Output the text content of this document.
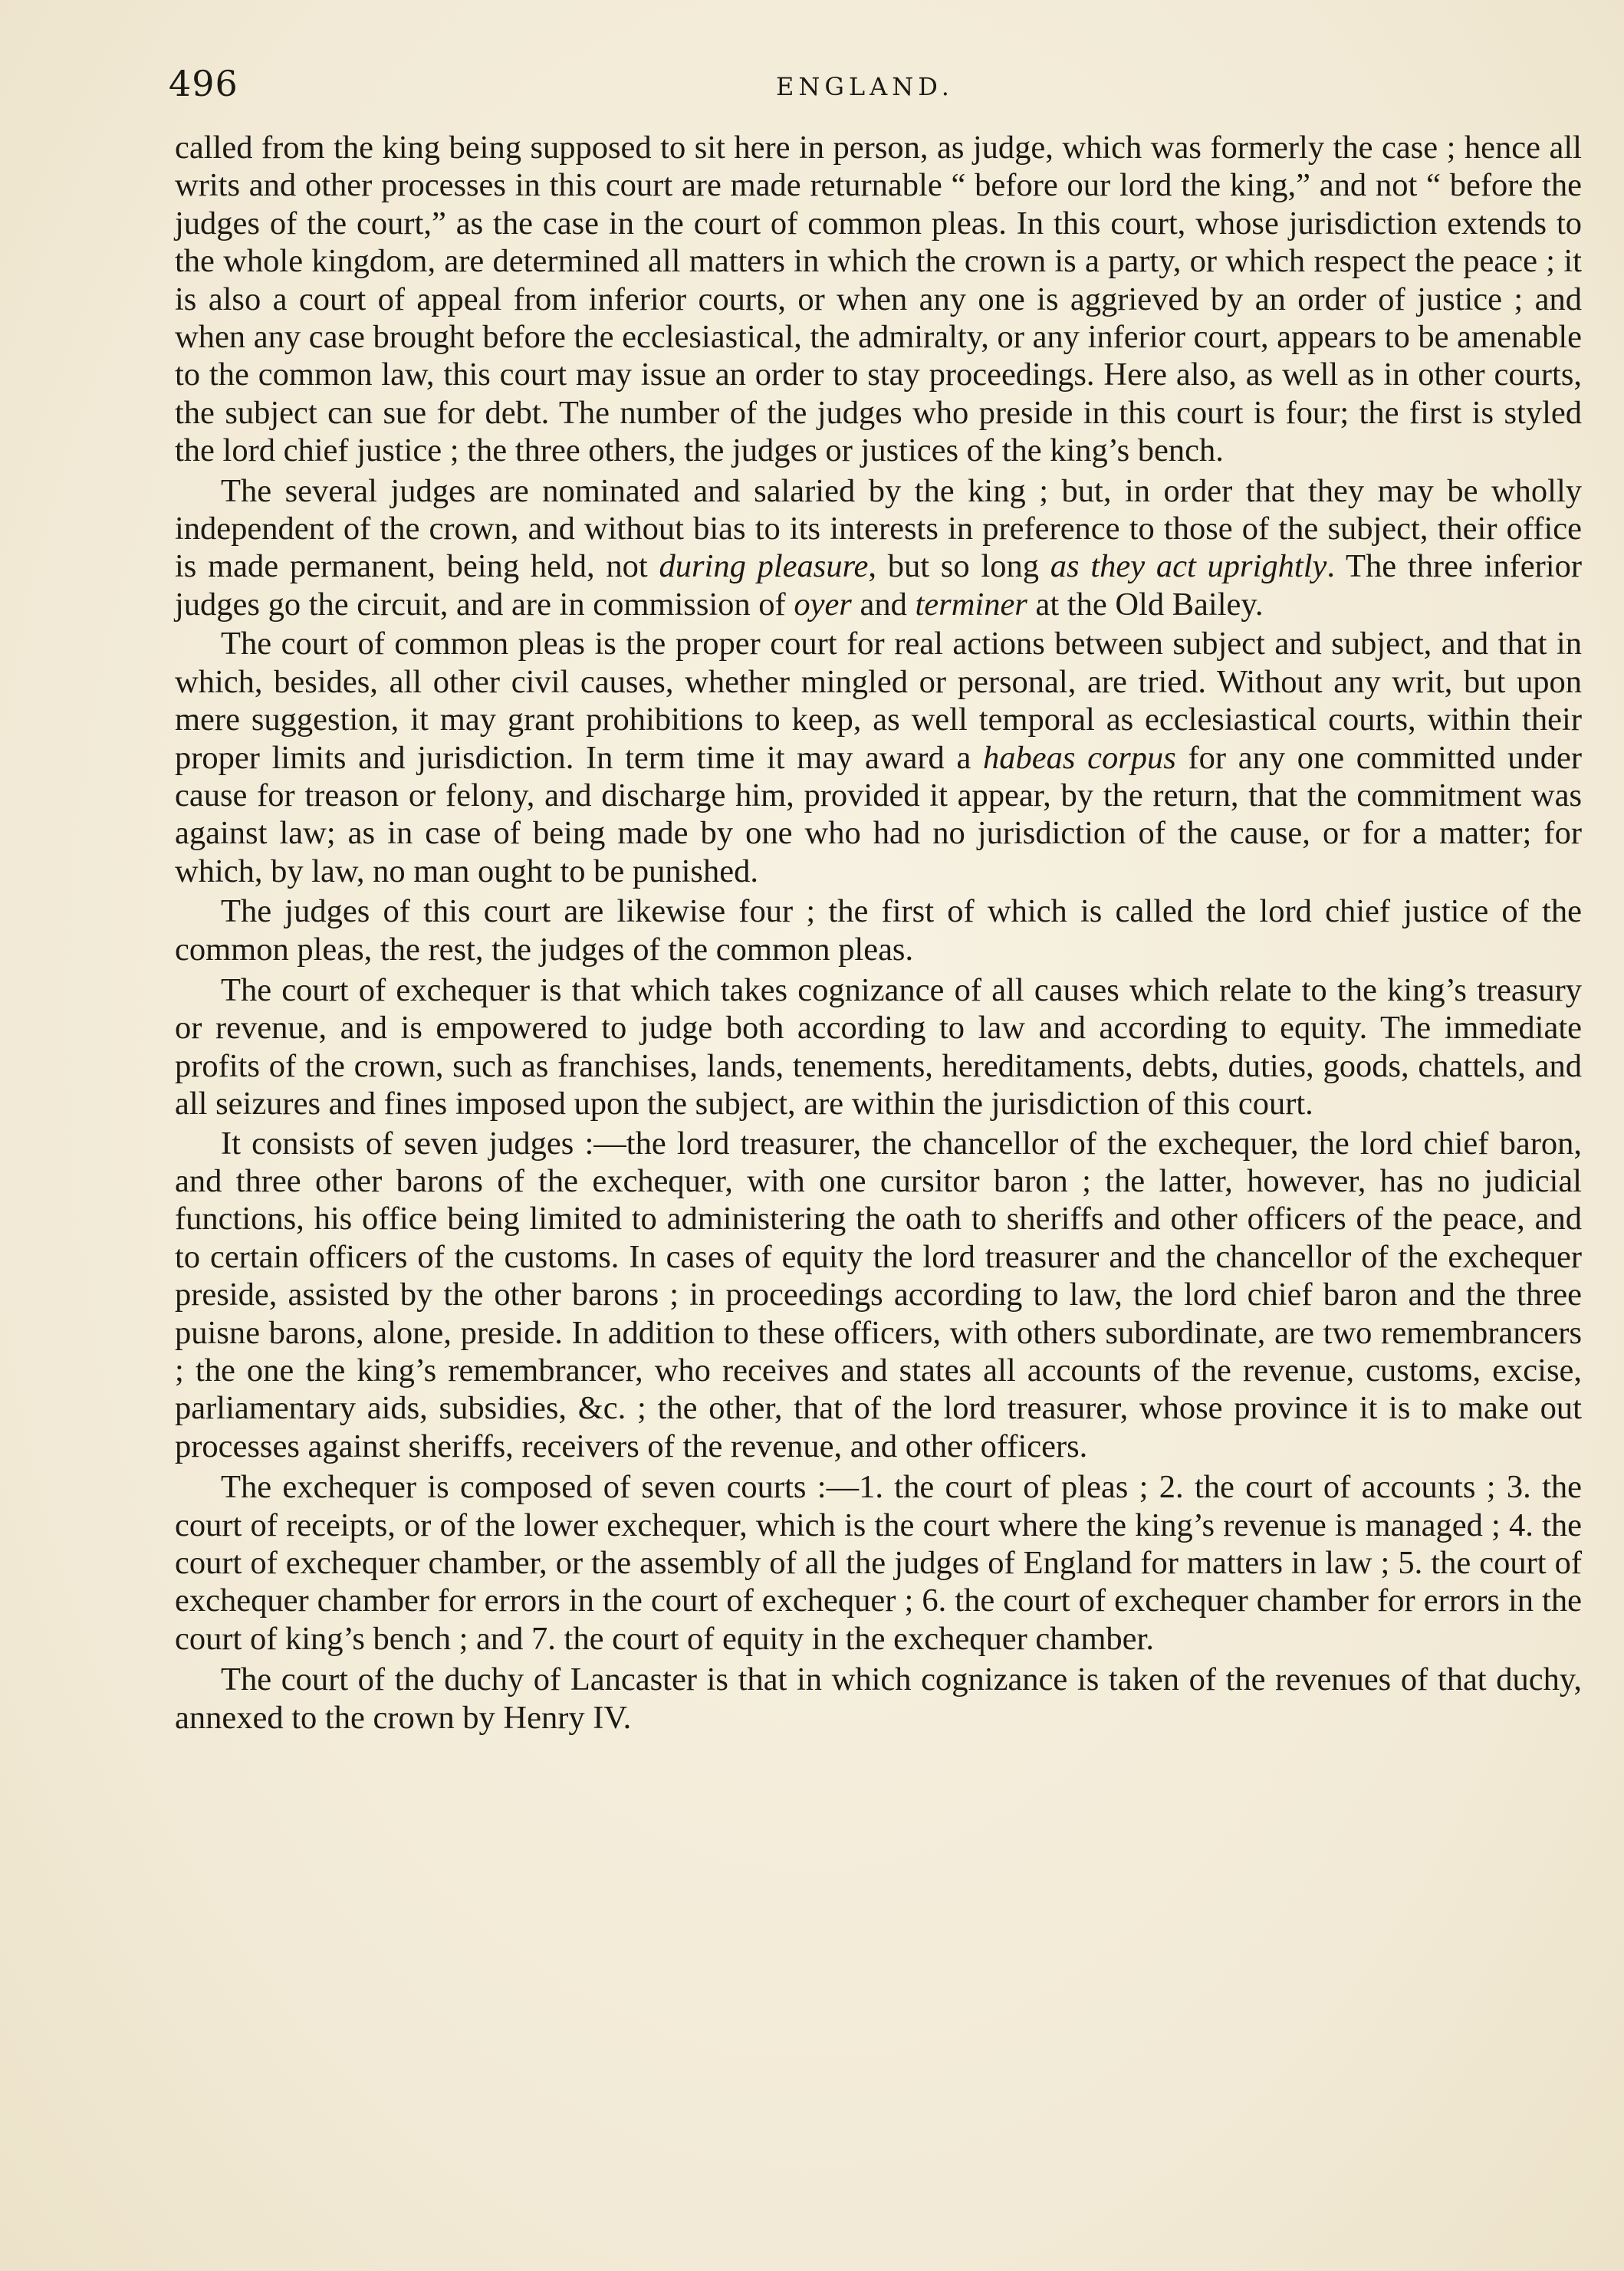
496	ENGLAND.

called from the king being supposed to sit here in person, as judge, which was formerly the case ; hence all writs and other processes in this court are made returnable “ before our lord the king,” and not “ before the judges of the court,” as the case in the court of common pleas. In this court, whose jurisdiction extends to the whole kingdom, are determined all matters in which the crown is a party, or which respect the peace ; it is also a court of appeal from inferior courts, or when any one is aggrieved by an order of justice ; and when any case brought before the ecclesiastical, the admiralty, or any inferior court, appears to be amenable to the common law, this court may issue an order to stay proceedings. Here also, as well as in other courts, the subject can sue for debt. The number of the judges who preside in this court is four; the first is styled the lord chief justice ; the three others, the judges or justices of the king’s bench.

The several judges are nominated and salaried by the king ; but, in order that they may be wholly independent of the crown, and without bias to its interests in preference to those of the subject, their office is made permanent, being held, not during pleasure, but so long as they act uprightly. The three inferior judges go the circuit, and are in commission of oyer and terminer at the Old Bailey.

The court of common pleas is the proper court for real actions between subject and subject, and that in which, besides, all other civil causes, whether mingled or personal, are tried. Without any writ, but upon mere suggestion, it may grant prohibitions to keep, as well temporal as ecclesiastical courts, within their proper limits and jurisdiction. In term time it may award a habeas corpus for any one committed under cause for treason or felony, and discharge him, provided it appear, by the return, that the commitment was against law; as in case of being made by one who had no jurisdiction of the cause, or for a matter; for which, by law, no man ought to be punished.

The judges of this court are likewise four ; the first of which is called the lord chief justice of the common pleas, the rest, the judges of the common pleas.

The court of exchequer is that which takes cognizance of all causes which relate to the king’s treasury or revenue, and is empowered to judge both according to law and according to equity. The immediate profits of the crown, such as franchises, lands, tenements, hereditaments, debts, duties, goods, chattels, and all seizures and fines imposed upon the subject, are within the jurisdiction of this court.

It consists of seven judges :—the lord treasurer, the chancellor of the exchequer, the lord chief baron, and three other barons of the exchequer, with one cursitor baron ; the latter, however, has no judicial functions, his office being limited to administering the oath to sheriffs and other officers of the peace, and to certain officers of the customs. In cases of equity the lord treasurer and the chancellor of the exchequer preside, assisted by the other barons ; in proceedings according to law, the lord chief baron and the three puisne barons, alone, preside. In addition to these officers, with others subordinate, are two remembrancers ; the one the king’s remembrancer, who receives and states all accounts of the revenue, customs, excise, parliamentary aids, subsidies, &c. ; the other, that of the lord treasurer, whose province it is to make out processes against sheriffs, receivers of the revenue, and other officers.

The exchequer is composed of seven courts :—1. the court of pleas ; 2. the court of accounts ; 3. the court of receipts, or of the lower exchequer, which is the court where the king’s revenue is managed ; 4. the court of exchequer chamber, or the assembly of all the judges of England for matters in law ; 5. the court of exchequer chamber for errors in the court of exchequer ; 6. the court of exchequer chamber for errors in the court of king’s bench ; and 7. the court of equity in the exchequer chamber.

The court of the duchy of Lancaster is that in which cognizance is taken of the revenues of that duchy, annexed to the crown by Henry IV.
